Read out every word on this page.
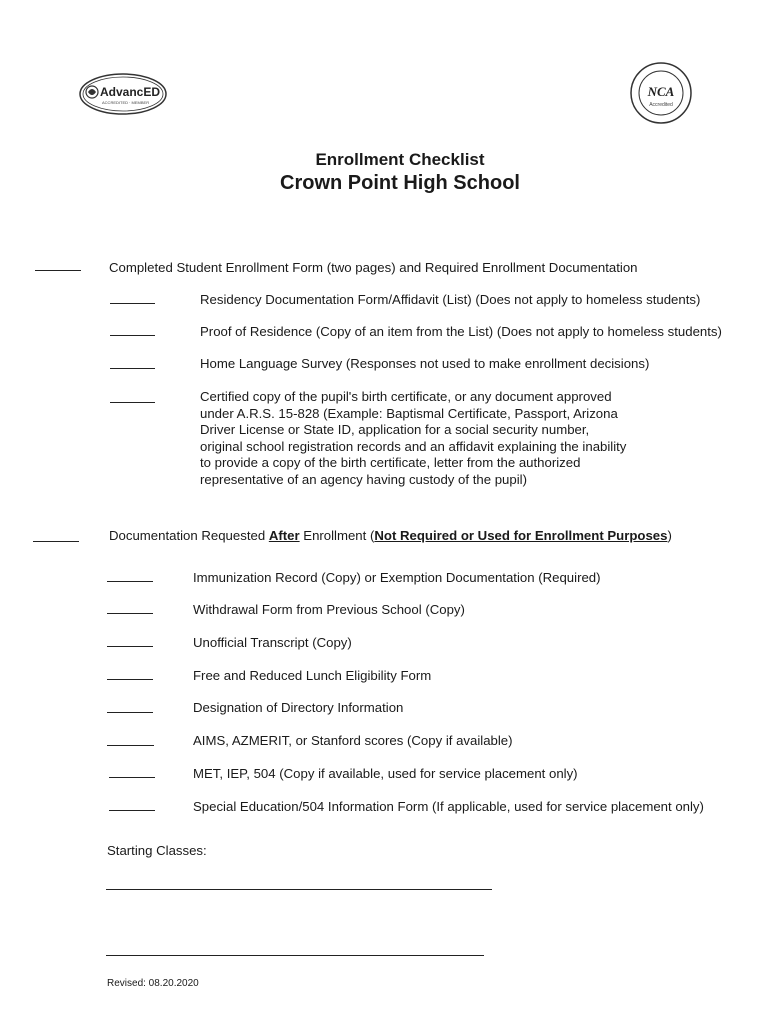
AdvancED
ACCREDITED · MEMBER
NCA
Accredited
Enrollment Checklist
Crown Point High School
Completed Student Enrollment Form (two pages) and Required Enrollment Documentation
Residency Documentation Form/Affidavit (List) (Does not apply to homeless students)
Proof of Residence (Copy of an item from the List) (Does not apply to homeless students)
Home Language Survey (Responses not used to make enrollment decisions)
Certified copy of the pupil's birth certificate, or any document approved
under A.R.S. 15-828 (Example: Baptismal Certificate, Passport, Arizona
Driver License or State ID, application for a social security number,
original school registration records and an affidavit explaining the inability
to provide a copy of the birth certificate, letter from the authorized
representative of an agency having custody of the pupil)
Documentation Requested After Enrollment (Not Required or Used for Enrollment Purposes)
Immunization Record (Copy) or Exemption Documentation (Required)
Withdrawal Form from Previous School (Copy)
Unofficial Transcript (Copy)
Free and Reduced Lunch Eligibility Form
Designation of Directory Information
AIMS, AZMERIT, or Stanford scores (Copy if available)
MET, IEP, 504 (Copy if available, used for service placement only)
Special Education/504 Information Form (If applicable, used for service placement only)
Starting Classes:
Revised: 08.20.2020
